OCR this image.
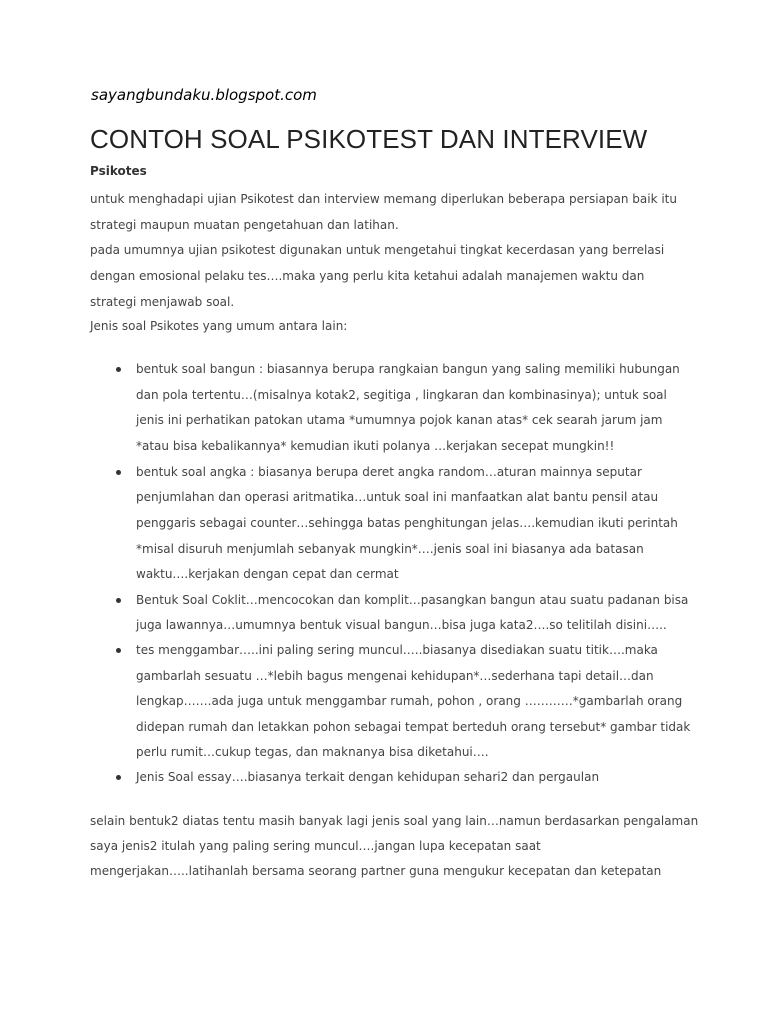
sayangbundaku.blogspot.com
CONTOH SOAL PSIKOTEST DAN INTERVIEW
Psikotes
untuk menghadapi ujian Psikotest dan interview memang diperlukan beberapa persiapan baik itu
strategi maupun muatan pengetahuan dan latihan.
pada umumnya ujian psikotest digunakan untuk mengetahui tingkat kecerdasan yang berrelasi
dengan emosional pelaku tes….maka yang perlu kita ketahui adalah manajemen waktu dan
strategi menjawab soal.
Jenis soal Psikotes yang umum antara lain:
bentuk soal bangun : biasannya berupa rangkaian bangun yang saling memiliki hubungan
dan pola tertentu…(misalnya kotak2, segitiga , lingkaran dan kombinasinya); untuk soal
jenis ini perhatikan patokan utama *umumnya pojok kanan atas* cek searah jarum jam
*atau bisa kebalikannya* kemudian ikuti polanya …kerjakan secepat mungkin!!
bentuk soal angka : biasanya berupa deret angka random…aturan mainnya seputar
penjumlahan dan operasi aritmatika…untuk soal ini manfaatkan alat bantu pensil atau
penggaris sebagai counter…sehingga batas penghitungan jelas….kemudian ikuti perintah
*misal disuruh menjumlah sebanyak mungkin*….jenis soal ini biasanya ada batasan
waktu….kerjakan dengan cepat dan cermat
Bentuk Soal Coklit…mencocokan dan komplit…pasangkan bangun atau suatu padanan bisa
juga lawannya…umumnya bentuk visual bangun…bisa juga kata2….so telitilah disini…..
tes menggambar…..ini paling sering muncul…..biasanya disediakan suatu titik….maka
gambarlah sesuatu …*lebih bagus mengenai kehidupan*…sederhana tapi detail…dan
lengkap…….ada juga untuk menggambar rumah, pohon , orang …………*gambarlah orang
didepan rumah dan letakkan pohon sebagai tempat berteduh orang tersebut* gambar tidak
perlu rumit…cukup tegas, dan maknanya bisa diketahui….
Jenis Soal essay….biasanya terkait dengan kehidupan sehari2 dan pergaulan
selain bentuk2 diatas tentu masih banyak lagi jenis soal yang lain…namun berdasarkan pengalaman
saya jenis2 itulah yang paling sering muncul….jangan lupa kecepatan saat
mengerjakan…..latihanlah bersama seorang partner guna mengukur kecepatan dan ketepatan
